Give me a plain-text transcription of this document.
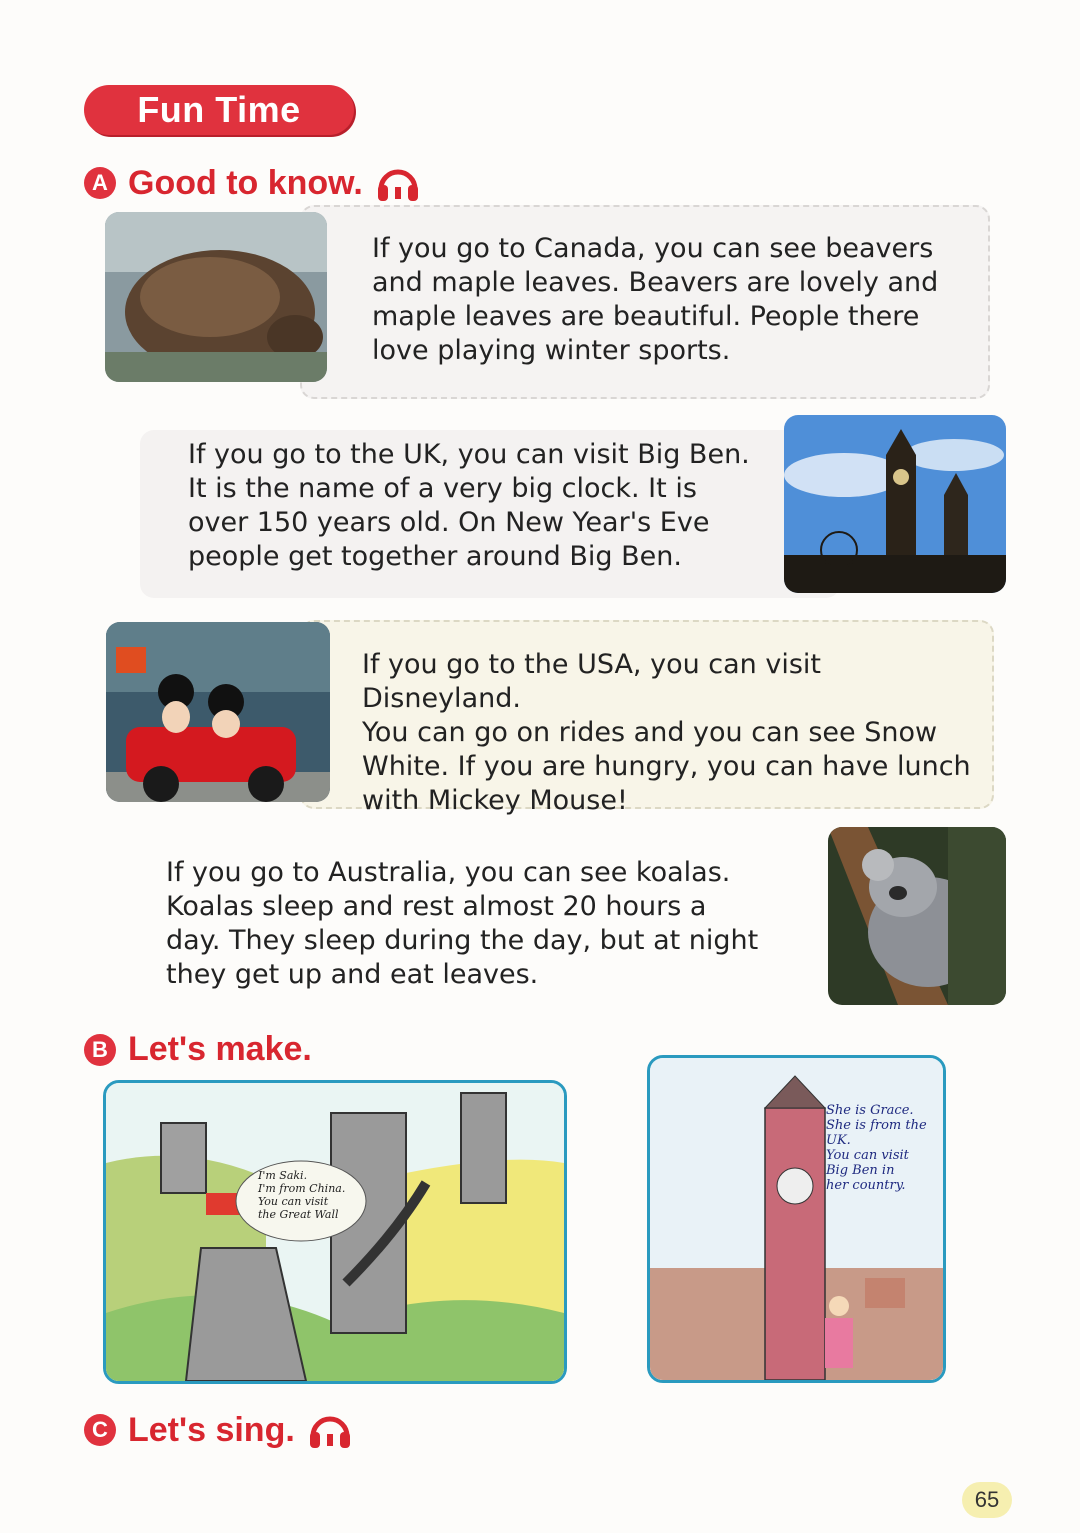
Fun Time
A Good to know.
If you go to Canada, you can see beavers
and maple leaves. Beavers are lovely and
maple leaves are beautiful. People there
love playing winter sports.
If you go to the UK, you can visit Big Ben.
It is the name of a very big clock. It is
over 150 years old. On New Year's Eve
people get together around Big Ben.
If you go to the USA, you can visit Disneyland.
You can go on rides and you can see Snow
White. If you are hungry, you can have lunch
with Mickey Mouse!
If you go to Australia, you can see koalas.
Koalas sleep and rest almost 20 hours a
day. They sleep during the day, but at night
they get up and eat leaves.
B Let's make.
I'm Saki.
I'm from China.
You can visit
the Great Wall
She is Grace.
She is from the
UK.
You can visit
Big Ben in
her country.
C Let's sing.
65
